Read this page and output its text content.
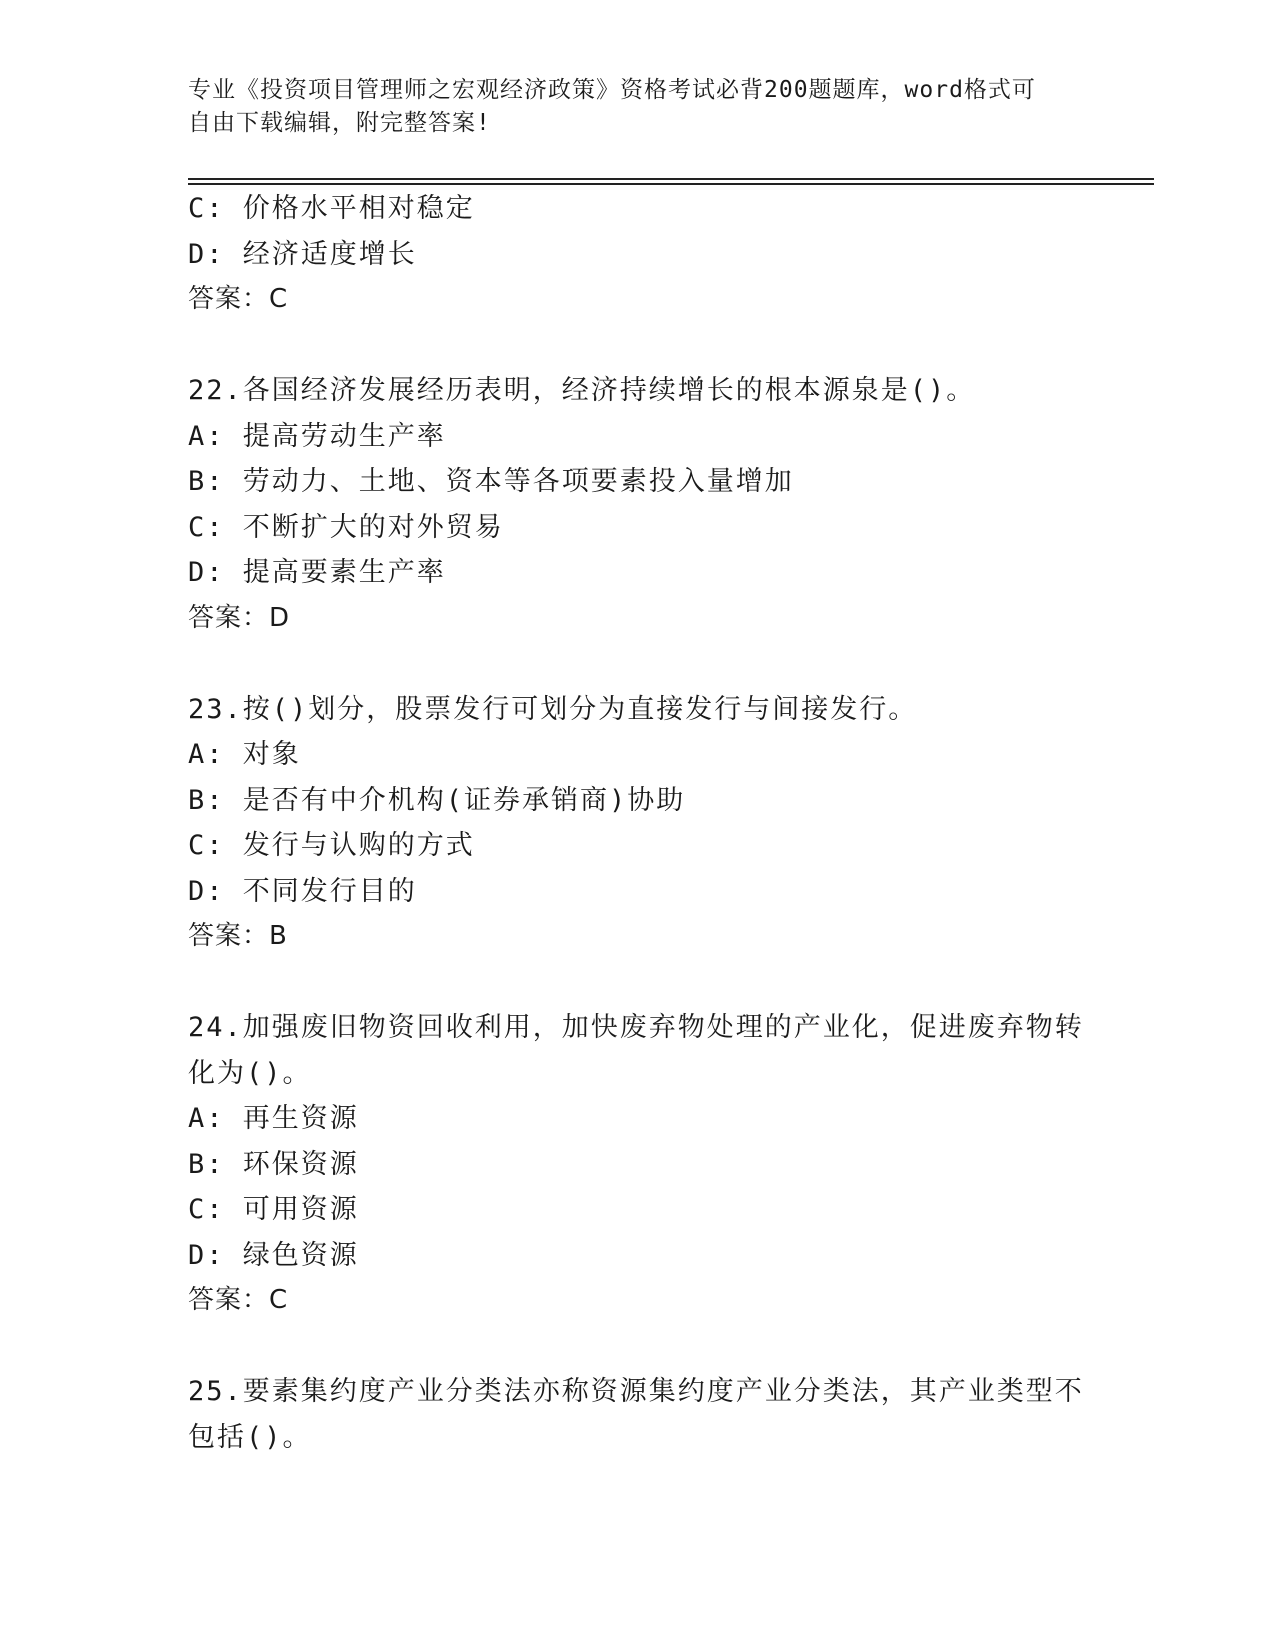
专业《投资项目管理师之宏观经济政策》资格考试必背200题题库，word格式可
自由下载编辑，附完整答案!
C: 价格水平相对稳定
D: 经济适度增长
答案：C
22.各国经济发展经历表明，经济持续增长的根本源泉是()。
A: 提高劳动生产率
B: 劳动力、土地、资本等各项要素投入量增加
C: 不断扩大的对外贸易
D: 提高要素生产率
答案：D
23.按()划分，股票发行可划分为直接发行与间接发行。
A: 对象
B: 是否有中介机构(证券承销商)协助
C: 发行与认购的方式
D: 不同发行目的
答案：B
24.加强废旧物资回收利用，加快废弃物处理的产业化，促进废弃物转
化为()。
A: 再生资源
B: 环保资源
C: 可用资源
D: 绿色资源
答案：C
25.要素集约度产业分类法亦称资源集约度产业分类法，其产业类型不
包括()。
